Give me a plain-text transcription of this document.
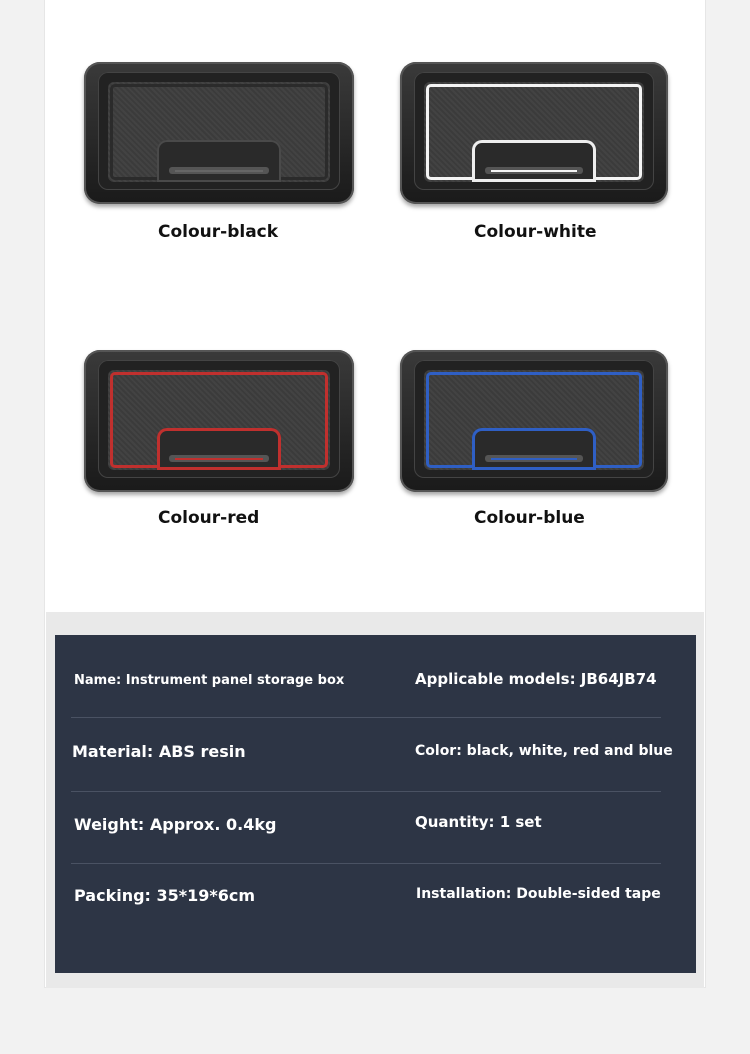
Colour-black	Colour-white
Colour-red	Colour-blue
Name: Instrument panel storage box	Applicable models: JB64JB74
Material: ABS resin	Color: black, white, red and blue
Weight: Approx. 0.4kg	Quantity: 1 set
Packing: 35*19*6cm	Installation: Double-sided tape
